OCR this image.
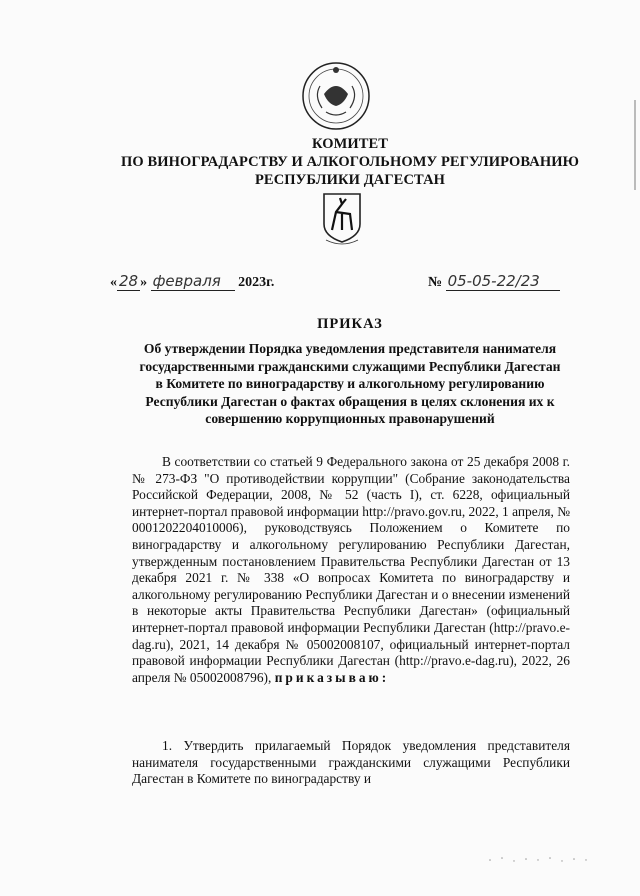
КОМИТЕТ
ПО ВИНОГРАДАРСТВУ И АЛКОГОЛЬНОМУ РЕГУЛИРОВАНИЮ
РЕСПУБЛИКИ ДАГЕСТАН
« 28 » февраля 2023г.	№ 05-05-22/23
ПРИКАЗ
Об утверждении Порядка уведомления представителя нанимателя государственными гражданскими служащими Республики Дагестан в Комитете по виноградарству и алкогольному регулированию Республики Дагестан о фактах обращения в целях склонения их к совершению коррупционных правонарушений

В соответствии со статьей 9 Федерального закона от 25 декабря 2008 г. № 273-ФЗ "О противодействии коррупции" (Собрание законодательства Российской Федерации, 2008, № 52 (часть I), ст. 6228, официальный интернет-портал правовой информации http://pravo.gov.ru, 2022, 1 апреля, № 0001202204010006), руководствуясь Положением о Комитете по виноградарству и алкогольному регулированию Республики Дагестан, утвержденным постановлением Правительства Республики Дагестан от 13 декабря 2021 г. № 338 «О вопросах Комитета по виноградарству и алкогольному регулированию Республики Дагестан и о внесении изменений в некоторые акты Правительства Республики Дагестан» (официальный интернет-портал правовой информации Республики Дагестан (http://pravo.e-dag.ru), 2021, 14 декабря № 05002008107, официальный интернет-портал правовой информации Республики Дагестан (http://pravo.e-dag.ru), 2022, 26 апреля № 05002008796), приказываю:

1. Утвердить прилагаемый Порядок уведомления представителя нанимателя государственными гражданскими служащими Республики Дагестан в Комитете по виноградарству и
